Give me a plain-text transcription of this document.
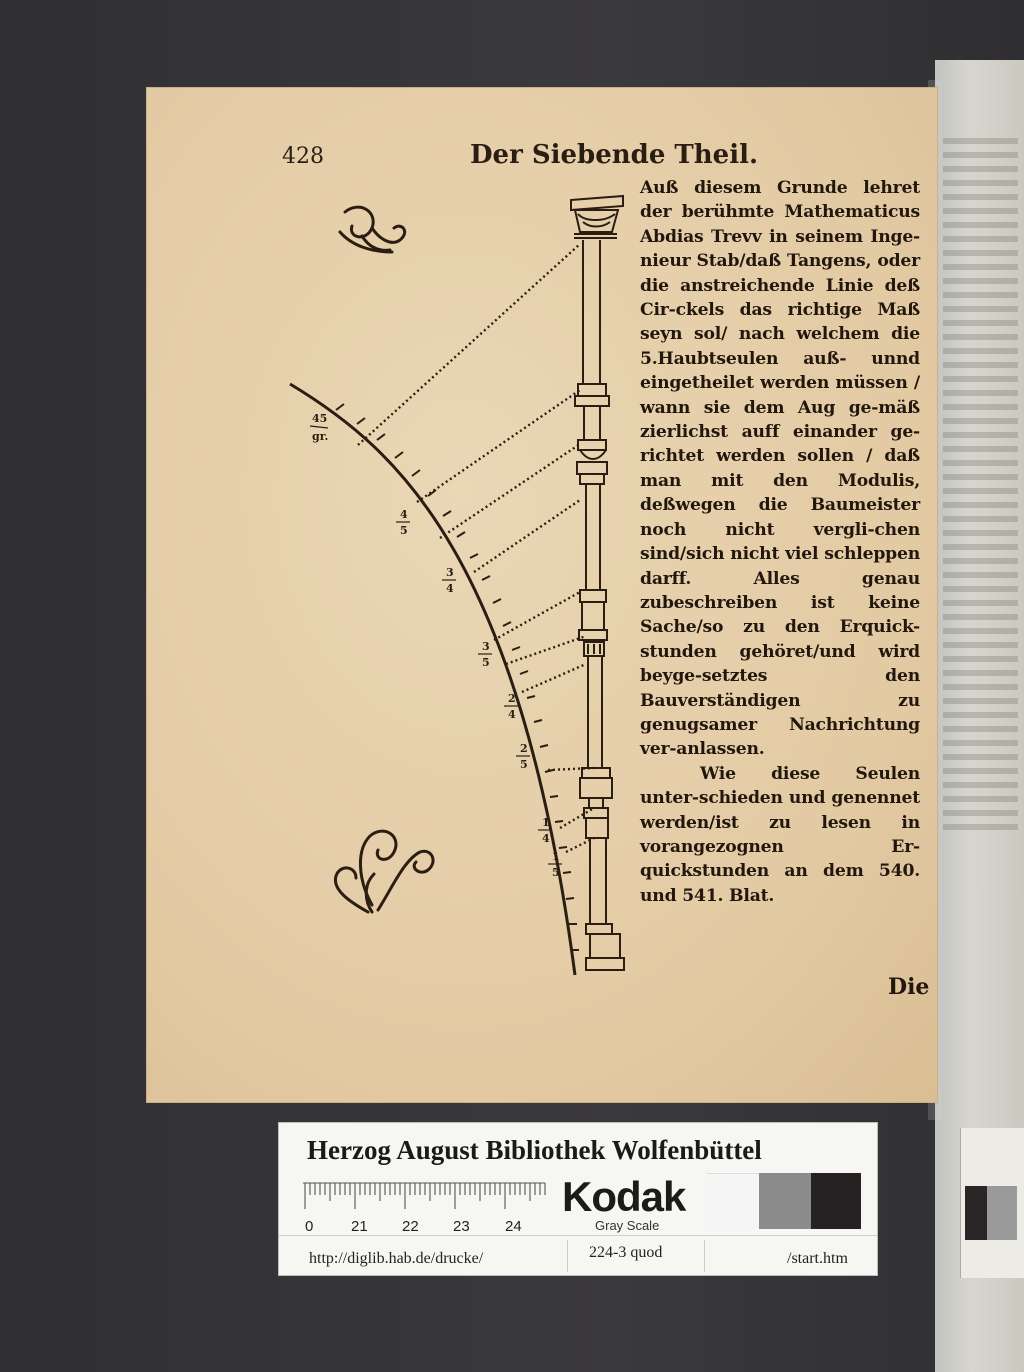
428	Der Siebende Theil.
45
gr.
4
5
3
4
3
5
2
4
2
5
1
4
1
5

Auß diesem Grunde lehret der berühmte Mathematicus Abdias Trevv in seinem Inge-nieur Stab/daß Tangens, oder die anstreichende Linie deß Cir-ckels das richtige Maß seyn sol/ nach welchem die 5.Haubtseulen auß- unnd eingetheilet werden müssen / wann sie dem Aug ge-mäß zierlichst auff einander ge-richtet werden sollen / daß man mit den Modulis, deßwegen die Baumeister noch nicht vergli-chen sind/sich nicht viel schleppen darff. Alles genau zubeschreiben ist keine Sache/so zu den Erquick-stunden gehöret/und wird beyge-setztes den Bauverständigen zu genugsamer Nachrichtung ver-anlassen.

Wie diese Seulen unter-schieden und genennet werden/ist zu lesen in vorangezognen Er-quickstunden an dem 540. und 541. Blat.

Die
Herzog August Bibliothek Wolfenbüttel
0	21 22 23 24
Kodak
Gray Scale
http://diglib.hab.de/drucke/	224-3 quod	/start.htm
